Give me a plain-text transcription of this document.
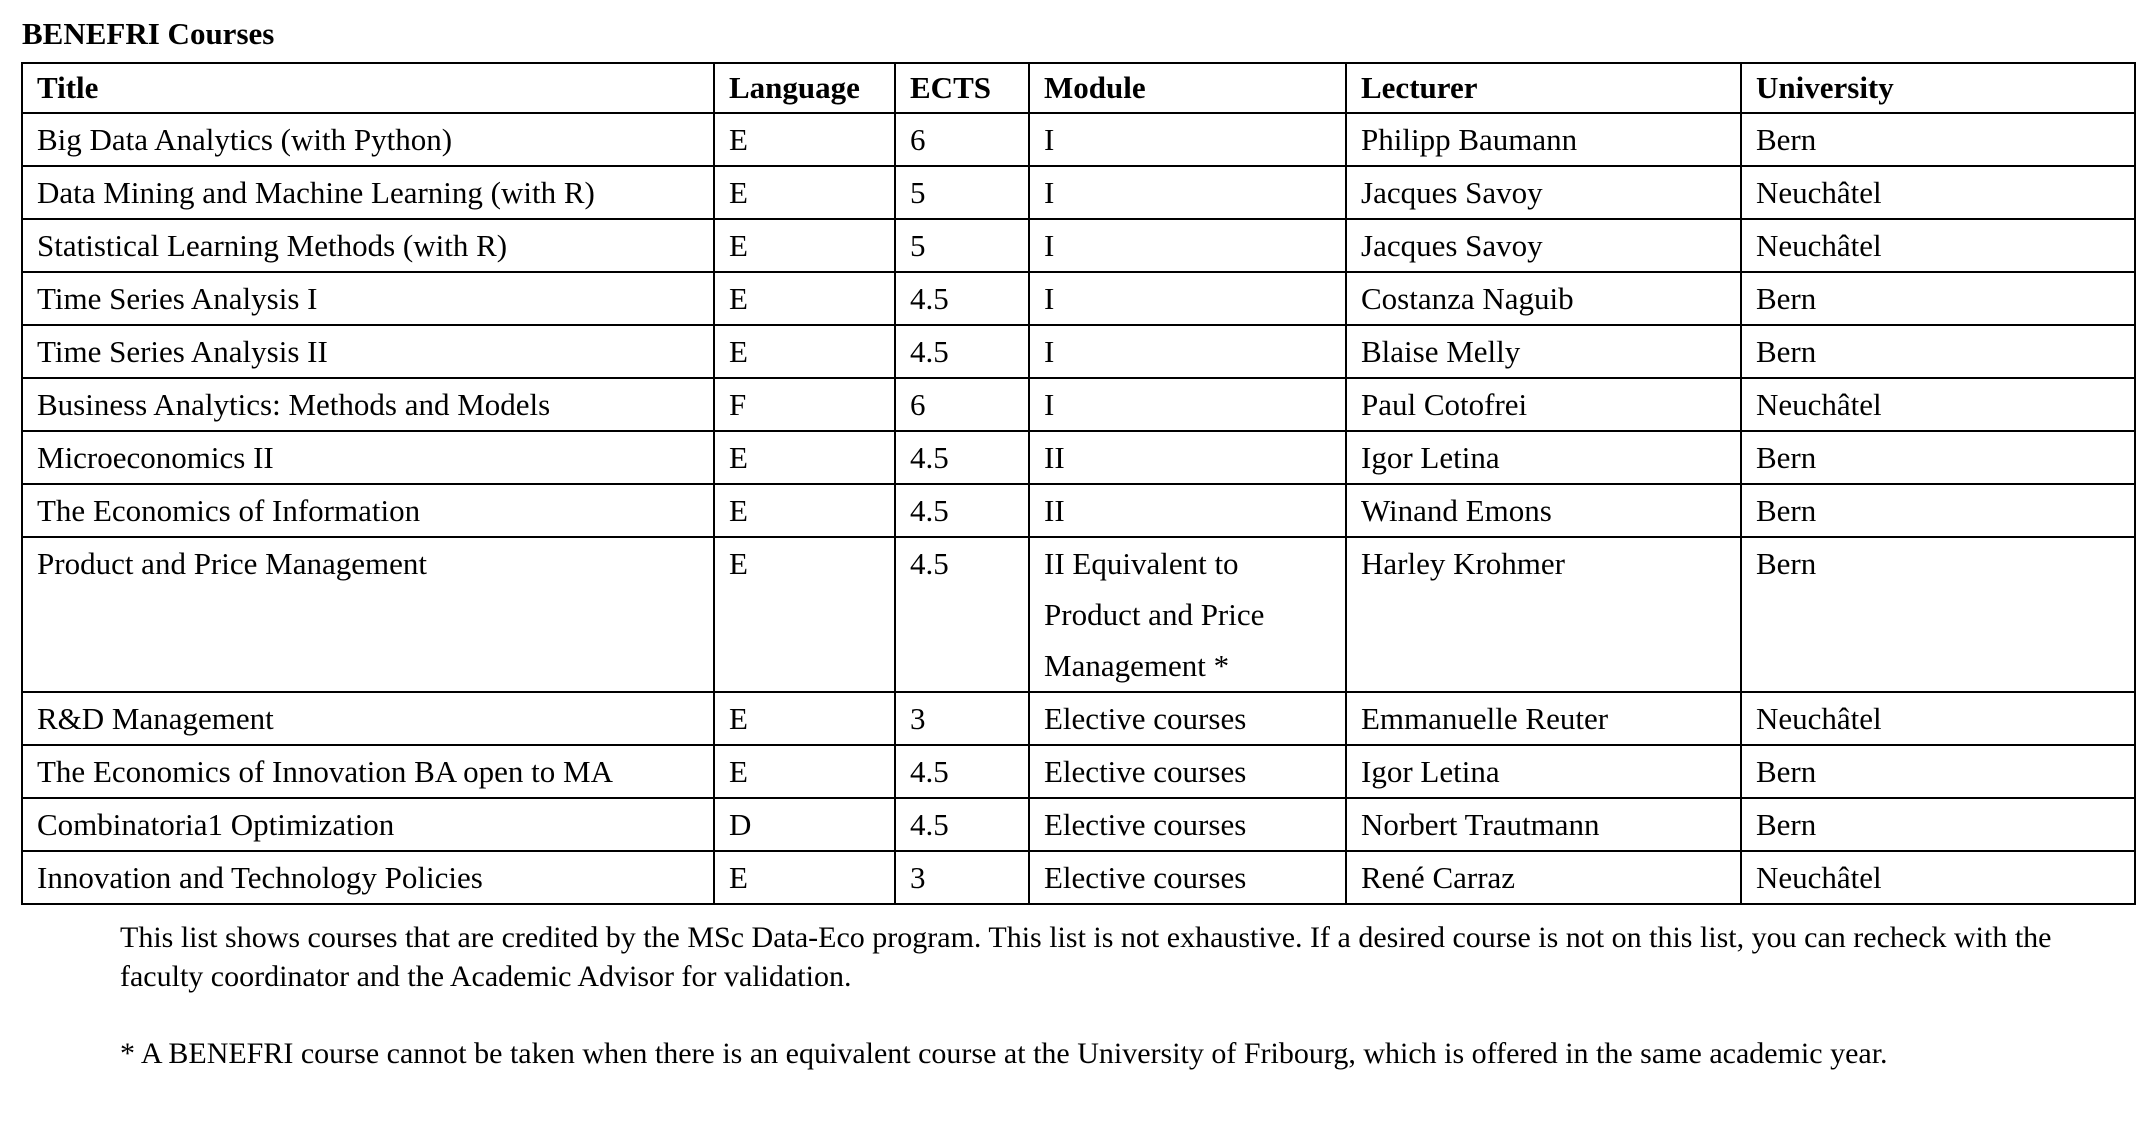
BENEFRI Courses
Title	Language	ECTS	Module	Lecturer	University
Big Data Analytics (with Python)	E	6	I	Philipp Baumann	Bern
Data Mining and Machine Learning (with R)	E	5	I	Jacques Savoy	Neuchâtel
Statistical Learning Methods (with R)	E	5	I	Jacques Savoy	Neuchâtel
Time Series Analysis I	E	4.5	I	Costanza Naguib	Bern
Time Series Analysis II	E	4.5	I	Blaise Melly	Bern
Business Analytics: Methods and Models	F	6	I	Paul Cotofrei	Neuchâtel
Microeconomics II	E	4.5	II	Igor Letina	Bern
The Economics of Information	E	4.5	II	Winand Emons	Bern
Product and Price Management	E	4.5	II Equivalent to Product and Price Management *	Harley Krohmer	Bern
R&D Management	E	3	Elective courses	Emmanuelle Reuter	Neuchâtel
The Economics of Innovation BA open to MA	E	4.5	Elective courses	Igor Letina	Bern
Combinatoria1 Optimization	D	4.5	Elective courses	Norbert Trautmann	Bern
Innovation and Technology Policies	E	3	Elective courses	René Carraz	Neuchâtel

This list shows courses that are credited by the MSc Data-Eco program. This list is not exhaustive. If a desired course is not on this list, you can recheck with the faculty coordinator and the Academic Advisor for validation.

* A BENEFRI course cannot be taken when there is an equivalent course at the University of Fribourg, which is offered in the same academic year.
